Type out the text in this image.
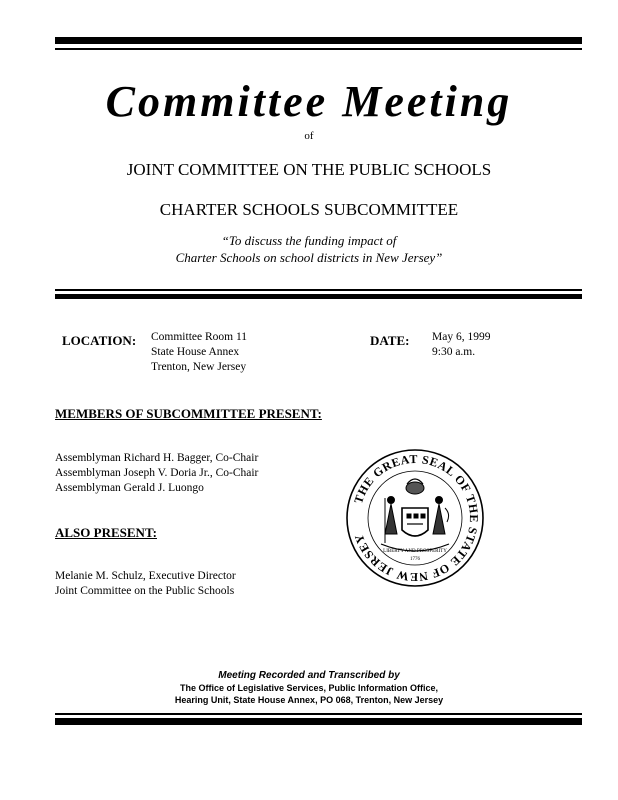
Committee Meeting
of
JOINT COMMITTEE ON THE PUBLIC SCHOOLS
CHARTER SCHOOLS SUBCOMMITTEE
“To discuss the funding impact of
Charter Schools on school districts in New Jersey”
LOCATION: Committee Room 11
State House Annex
Trenton, New Jersey
DATE: May 6, 1999
9:30 a.m.
MEMBERS OF SUBCOMMITTEE PRESENT:
Assemblyman Richard H. Bagger, Co-Chair
Assemblyman Joseph V. Doria Jr., Co-Chair
Assemblyman Gerald J. Luongo
ALSO PRESENT:
Melanie M. Schulz, Executive Director
Joint Committee on the Public Schools
THE GREAT SEAL OF THE STATE OF NEW JERSEY
LIBERTY AND PROSPERITY
1776
Meeting Recorded and Transcribed by
The Office of Legislative Services, Public Information Office,
Hearing Unit, State House Annex, PO 068, Trenton, New Jersey
